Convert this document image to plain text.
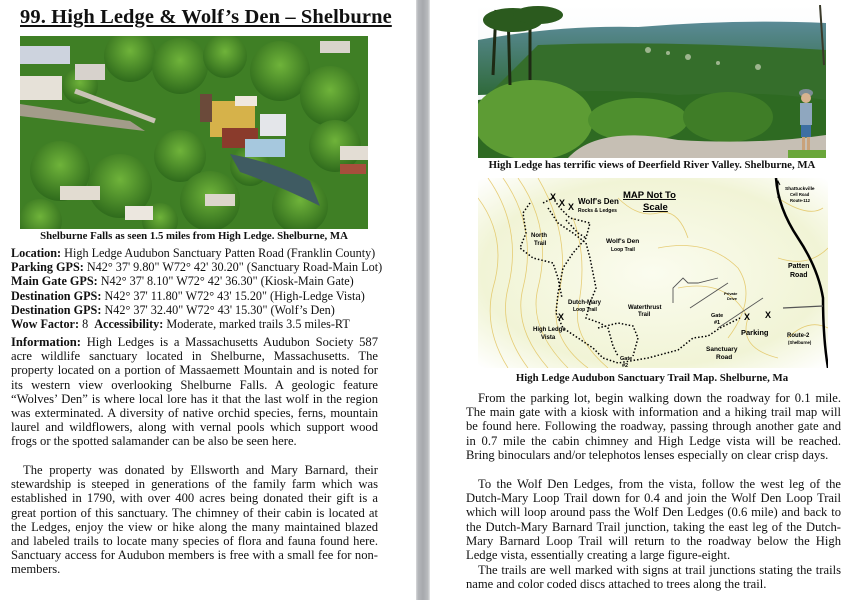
99. High Ledge & Wolf’s Den – Shelburne
Shelburne Falls as seen 1.5 miles from High Ledge. Shelburne, MA
Location: High Ledge Audubon Sanctuary Patten Road (Franklin County)
Parking GPS: N42° 37' 9.80" W72° 42' 30.20" (Sanctuary Road-Main Lot)
Main Gate GPS: N42° 37' 8.10" W72° 42' 36.30" (Kiosk-Main Gate)
Destination GPS: N42° 37' 11.80" W72° 43' 15.20" (High-Ledge Vista)
Destination GPS: N42° 37' 32.40" W72° 43' 15.30" (Wolf’s Den)
Wow Factor: 8  Accessibility: Moderate, marked trails 3.5 miles-RT
Information: High Ledges is a Massachusetts Audubon Society 587 acre wildlife sanctuary located in Shelburne, Massachusetts. The property located on a portion of Massaemett Mountain and is noted for its western view overlooking Shelburne Falls. A geologic feature “Wolves’ Den” is where local lore has it that the last wolf in the region was exterminated. A diversity of native orchid species, ferns, mountain laurel and wildflowers, along with vernal pools which support wood frogs or the spotted salamander can be also be seen here.
The property was donated by Ellsworth and Mary Barnard, their stewardship is steeped in generations of the family farm which was established in 1790, with over 400 acres being donated their gift is a great portion of this sanctuary. The chimney of their cabin is located at the Ledges, enjoy the view or hike along the many maintained blazed and labeled trails to locate many species of flora and fauna found here. Sanctuary access for Audubon members is free with a small fee for non-members.
High Ledge has terrific views of Deerfield River Valley. Shelburne, MA
Wolf's Den
Rocks & Ledges
X
X X
North
Trail	Wolf's Den
Loop Trail
Dutch-Mary
Loop Trail	Waterthrust
Trail
X
High Ledge
Vista
Gate
#2
Gate
#1
Private
Drive
X X
Parking
Sanctuary
Road
Patten
Road
Shattuckville
Cell Road
Route-112
Route-2
(Shelburne)
MAP Not To
Scale
High Ledge Audubon Sanctuary Trail Map. Shelburne, Ma
From the parking lot, begin walking down the roadway for 0.1 mile. The main gate with a kiosk with information and a hiking trail map will be found here. Following the roadway, passing through another gate and in 0.7 mile the cabin chimney and High Ledge vista will be reached. Bring binoculars and/or telephotos lenses especially on clear crisp days.
To the Wolf Den Ledges, from the vista, follow the west leg of the Dutch-Mary Loop Trail down for 0.4 and join the Wolf Den Loop Trail which will loop around pass the Wolf Den Ledges (0.6 mile) and back to the Dutch-Mary Barnard Trail junction, taking the east leg of the Dutch-Mary Barnard Loop Trail will return to the roadway below the High Ledge vista, essentially creating a large figure-eight.
The trails are well marked with signs at trail junctions stating the trails name and color coded discs attached to trees along the trail.
